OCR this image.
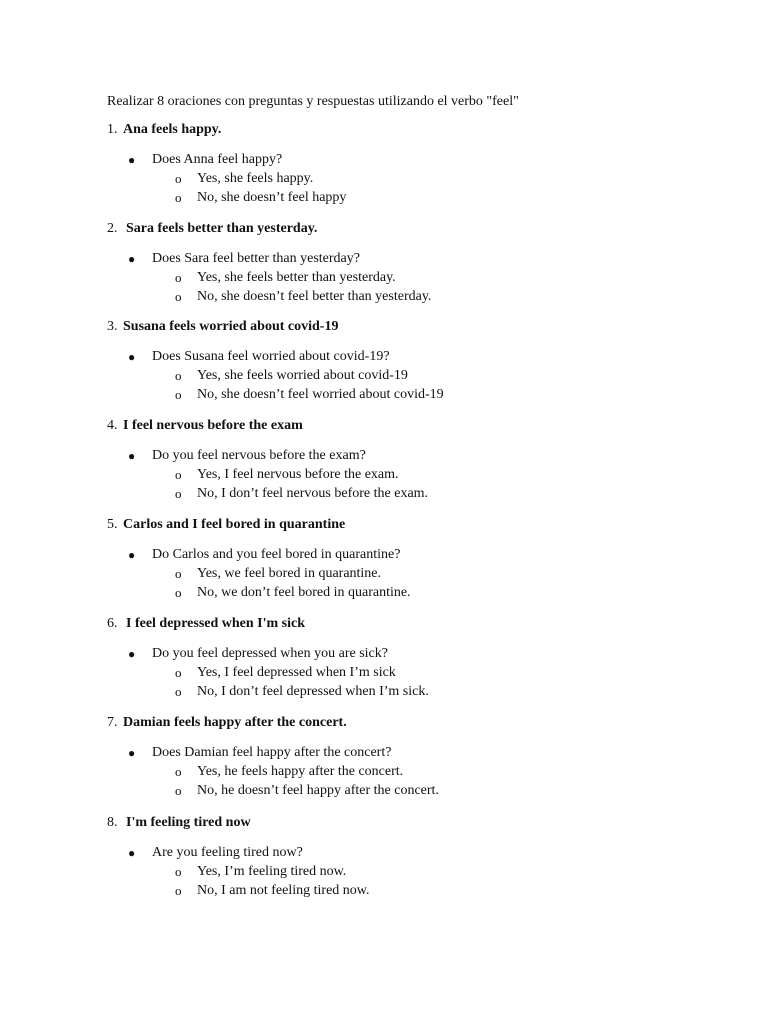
Realizar 8 oraciones con preguntas y respuestas utilizando el verbo "feel"
1. Ana feels happy.
● Does Anna feel happy?
o Yes, she feels happy.
o No, she doesn’t feel happy
2. Sara feels better than yesterday.
● Does Sara feel better than yesterday?
o Yes, she feels better than yesterday.
o No, she doesn’t feel better than yesterday.
3. Susana feels worried about covid-19
● Does Susana feel worried about covid-19?
o Yes, she feels worried about covid-19
o No, she doesn’t feel worried about covid-19
4. I feel nervous before the exam
● Do you feel nervous before the exam?
o Yes, I feel nervous before the exam.
o No, I don’t feel nervous before the exam.
5. Carlos and I feel bored in quarantine
● Do Carlos and you feel bored in quarantine?
o Yes, we feel bored in quarantine.
o No, we don’t feel bored in quarantine.
6. I feel depressed when I'm sick
● Do you feel depressed when you are sick?
o Yes, I feel depressed when I’m sick
o No, I don’t feel depressed when I’m sick.
7. Damian feels happy after the concert.
● Does Damian feel happy after the concert?
o Yes, he feels happy after the concert.
o No, he doesn’t feel happy after the concert.
8. I'm feeling tired now
● Are you feeling tired now?
o Yes, I’m feeling tired now.
o No, I am not feeling tired now.
